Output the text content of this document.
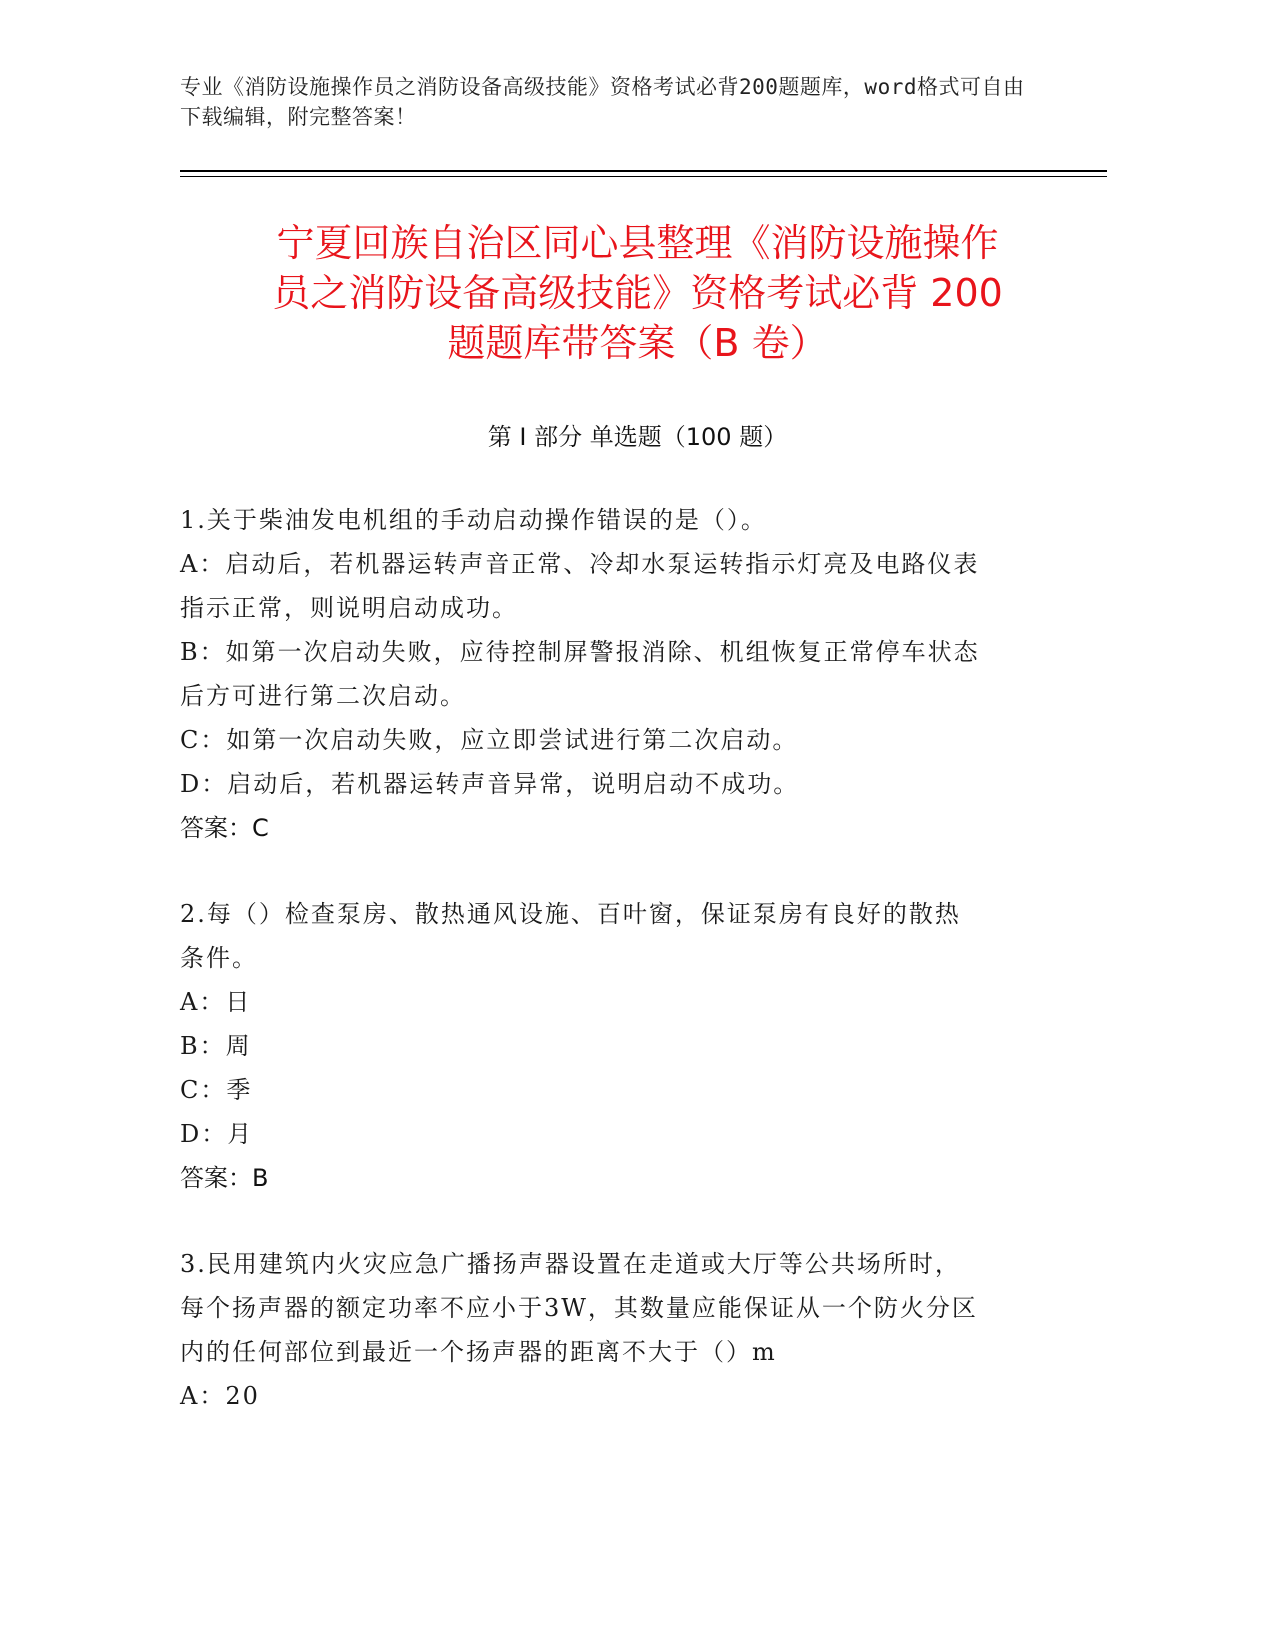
专业《消防设施操作员之消防设备高级技能》资格考试必背200题题库，word格式可自由下载编辑，附完整答案！
宁夏回族自治区同心县整理《消防设施操作
员之消防设备高级技能》资格考试必背 200
题题库带答案（B 卷）
第 I 部分 单选题（100 题）
1.关于柴油发电机组的手动启动操作错误的是（）。
A：启动后，若机器运转声音正常、冷却水泵运转指示灯亮及电路仪表
指示正常，则说明启动成功。
B：如第一次启动失败，应待控制屏警报消除、机组恢复正常停车状态
后方可进行第二次启动。
C：如第一次启动失败，应立即尝试进行第二次启动。
D：启动后，若机器运转声音异常，说明启动不成功。
答案：C
2.每（）检查泵房、散热通风设施、百叶窗，保证泵房有良好的散热
条件。
A：日
B：周
C：季
D：月
答案：B
3.民用建筑内火灾应急广播扬声器设置在走道或大厅等公共场所时，
每个扬声器的额定功率不应小于3W，其数量应能保证从一个防火分区
内的任何部位到最近一个扬声器的距离不大于（）m
A：20
